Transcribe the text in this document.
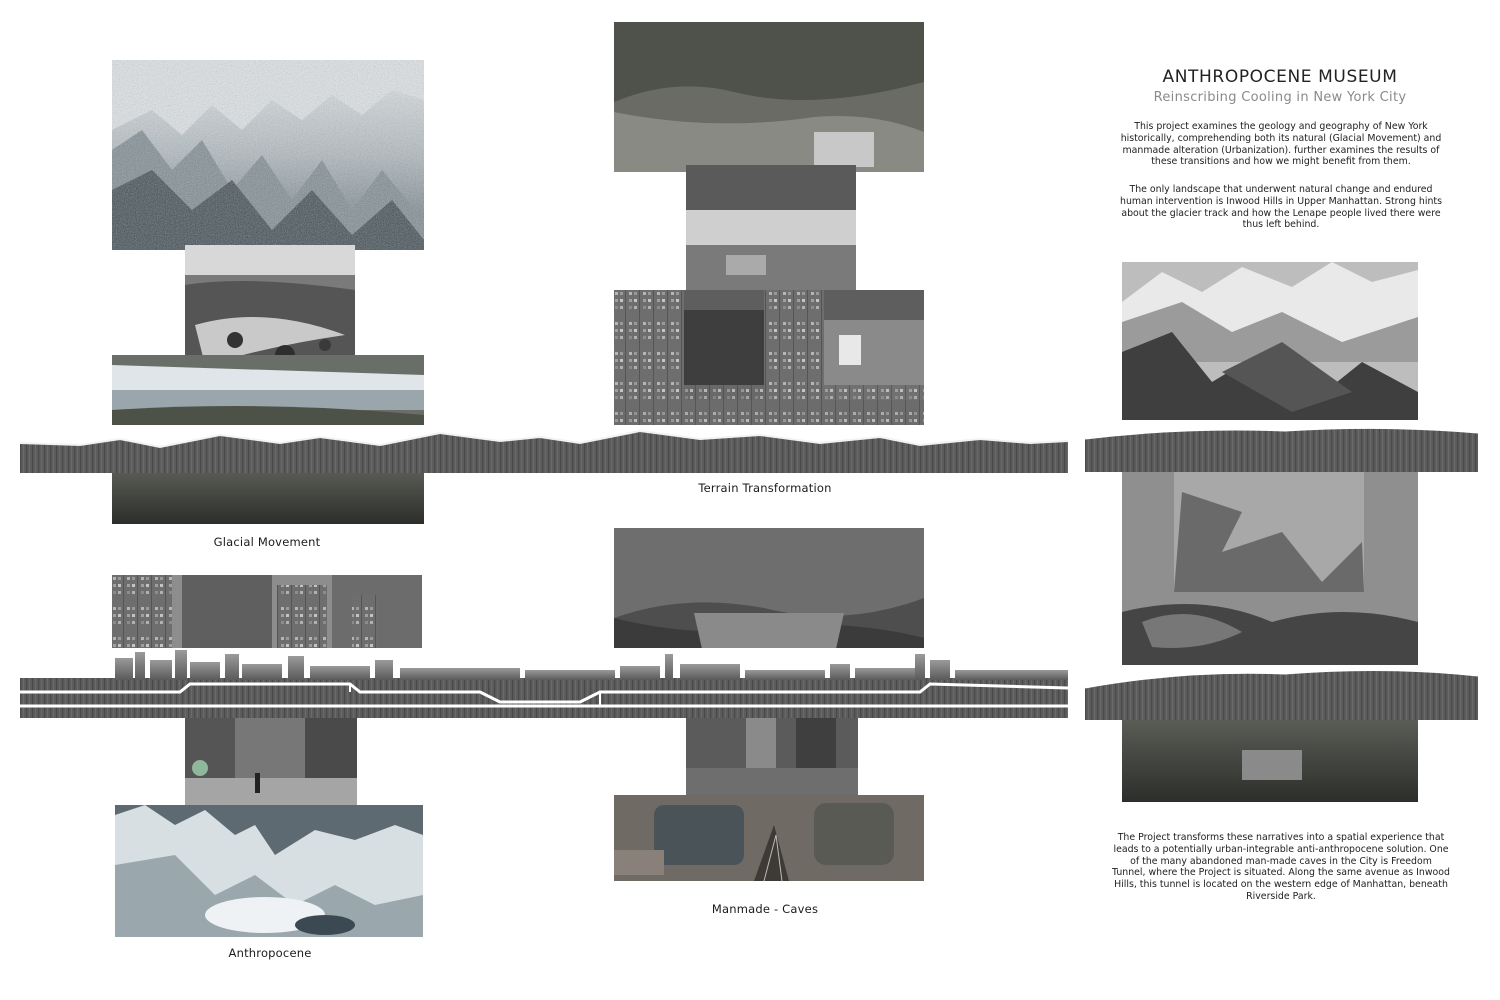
Glacial Movement
Terrain Transformation
Anthropocene
Manmade - Caves
ANTHROPOCENE MUSEUM
Reinscribing Cooling in New York City
This project examines the geology and geography of New York historically, comprehending both its natural (Glacial Movement) and manmade alteration (Urbanization). further examines the results of these transitions and how we might benefit from them.
The only landscape that underwent natural change and endured human intervention is Inwood Hills in Upper Manhattan. Strong hints about the glacier track and how the Lenape people lived there were thus left behind.
The Project transforms these narratives into a spatial experience that leads to a potentially urban-integrable anti-anthropocene solution. One of the many abandoned man-made caves in the City is Freedom Tunnel, where the Project is situated. Along the same avenue as Inwood Hills, this tunnel is located on the western edge of Manhattan, beneath Riverside Park.
